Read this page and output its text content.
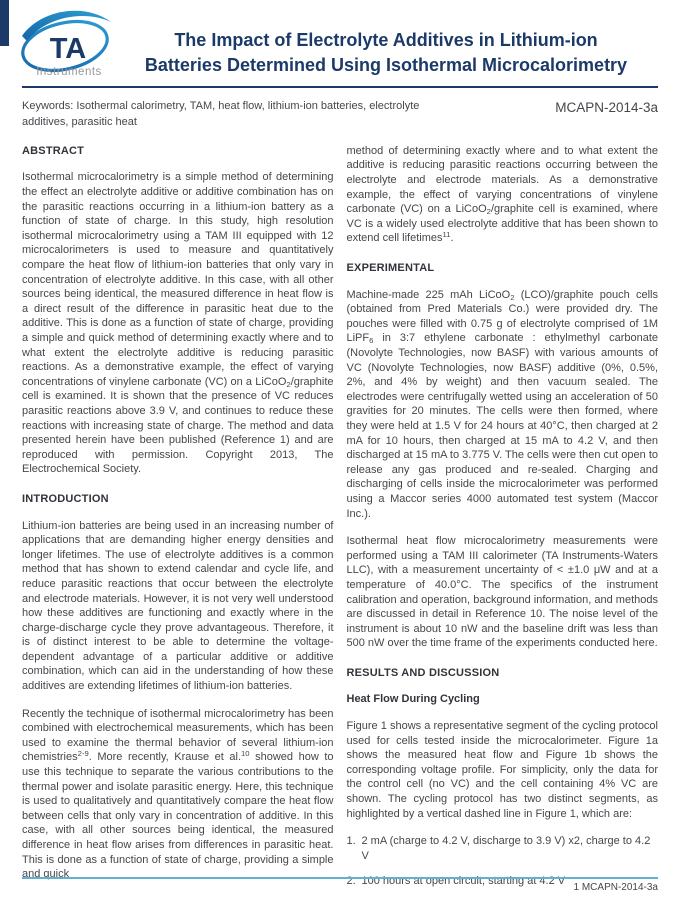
TA
Instruments
The Impact of Electrolyte Additives in Lithium-ion
Batteries Determined Using Isothermal Microcalorimetry
Keywords: Isothermal calorimetry, TAM, heat flow, lithium-ion batteries, electrolyte additives, parasitic heat
MCAPN-2014-3a
ABSTRACT

Isothermal microcalorimetry is a simple method of determining the effect an electrolyte additive or additive combination has on the parasitic reactions occurring in a lithium-ion battery as a function of state of charge. In this study, high resolution isothermal microcalorimetry using a TAM III equipped with 12 microcalorimeters is used to measure and quantitatively compare the heat flow of lithium-ion batteries that only vary in concentration of electrolyte additive. In this case, with all other sources being identical, the measured difference in heat flow is a direct result of the difference in parasitic heat due to the additive. This is done as a function of state of charge, providing a simple and quick method of determining exactly where and to what extent the electrolyte additive is reducing parasitic reactions. As a demonstrative example, the effect of varying concentrations of vinylene carbonate (VC) on a LiCoO$_2$/graphite cell is examined. It is shown that the presence of VC reduces parasitic reactions above 3.9 V, and continues to reduce these reactions with increasing state of charge. The method and data presented herein have been published (Reference 1) and are reproduced with permission. Copyright 2013, The Electrochemical Society.

INTRODUCTION

Lithium-ion batteries are being used in an increasing number of applications that are demanding higher energy densities and longer lifetimes. The use of electrolyte additives is a common method that has shown to extend calendar and cycle life, and reduce parasitic reactions that occur between the electrolyte and electrode materials. However, it is not very well understood how these additives are functioning and exactly where in the charge-discharge cycle they prove advantageous. Therefore, it is of distinct interest to be able to determine the voltage-dependent advantage of a particular additive or additive combination, which can aid in the understanding of how these additives are extending lifetimes of lithium-ion batteries.

Recently the technique of isothermal microcalorimetry has been combined with electrochemical measurements, which has been used to examine the thermal behavior of several lithium-ion chemistries$^{2-9}$. More recently, Krause et al.$^{10}$ showed how to use this technique to separate the various contributions to the thermal power and isolate parasitic energy. Here, this technique is used to qualitatively and quantitatively compare the heat flow between cells that only vary in concentration of additive. In this case, with all other sources being identical, the measured difference in heat flow arises from differences in parasitic heat. This is done as a function of state of charge, providing a simple and quick

method of determining exactly where and to what extent the additive is reducing parasitic reactions occurring between the electrolyte and electrode materials. As a demonstrative example, the effect of varying concentrations of vinylene carbonate (VC) on a LiCoO$_2$/graphite cell is examined, where VC is a widely used electrolyte additive that has been shown to extend cell lifetimes$^{11}$.

EXPERIMENTAL

Machine-made 225 mAh LiCoO$_2$ (LCO)/graphite pouch cells (obtained from Pred Materials Co.) were provided dry. The pouches were filled with 0.75 g of electrolyte comprised of 1M LiPF$_6$ in 3:7 ethylene carbonate : ethylmethyl carbonate (Novolyte Technologies, now BASF) with various amounts of VC (Novolyte Technologies, now BASF) additive (0%, 0.5%, 2%, and 4% by weight) and then vacuum sealed. The electrodes were centrifugally wetted using an acceleration of 50 gravities for 20 minutes. The cells were then formed, where they were held at 1.5 V for 24 hours at 40°C, then charged at 2 mA for 10 hours, then charged at 15 mA to 4.2 V, and then discharged at 15 mA to 3.775 V. The cells were then cut open to release any gas produced and re-sealed. Charging and discharging of cells inside the microcalorimeter was performed using a Maccor series 4000 automated test system (Maccor Inc.).

Isothermal heat flow microcalorimetry measurements were performed using a TAM III calorimeter (TA Instruments-Waters LLC), with a measurement uncertainty of < ±1.0 μW and at a temperature of 40.0°C. The specifics of the instrument calibration and operation, background information, and methods are discussed in detail in Reference 10. The noise level of the instrument is about 10 nW and the baseline drift was less than 500 nW over the time frame of the experiments conducted here.

RESULTS AND DISCUSSION
Heat Flow During Cycling

Figure 1 shows a representative segment of the cycling protocol used for cells tested inside the microcalorimeter. Figure 1a shows the measured heat flow and Figure 1b shows the corresponding voltage profile. For simplicity, only the data for the control cell (no VC) and the cell containing 4% VC are shown. The cycling protocol has two distinct segments, as highlighted by a vertical dashed line in Figure 1, which are:

1. 2 mA (charge to 4.2 V, discharge to 3.9 V) x2, charge to 4.2 V
2. 100 hours at open circuit, starting at 4.2 V
1 MCAPN-2014-3a
